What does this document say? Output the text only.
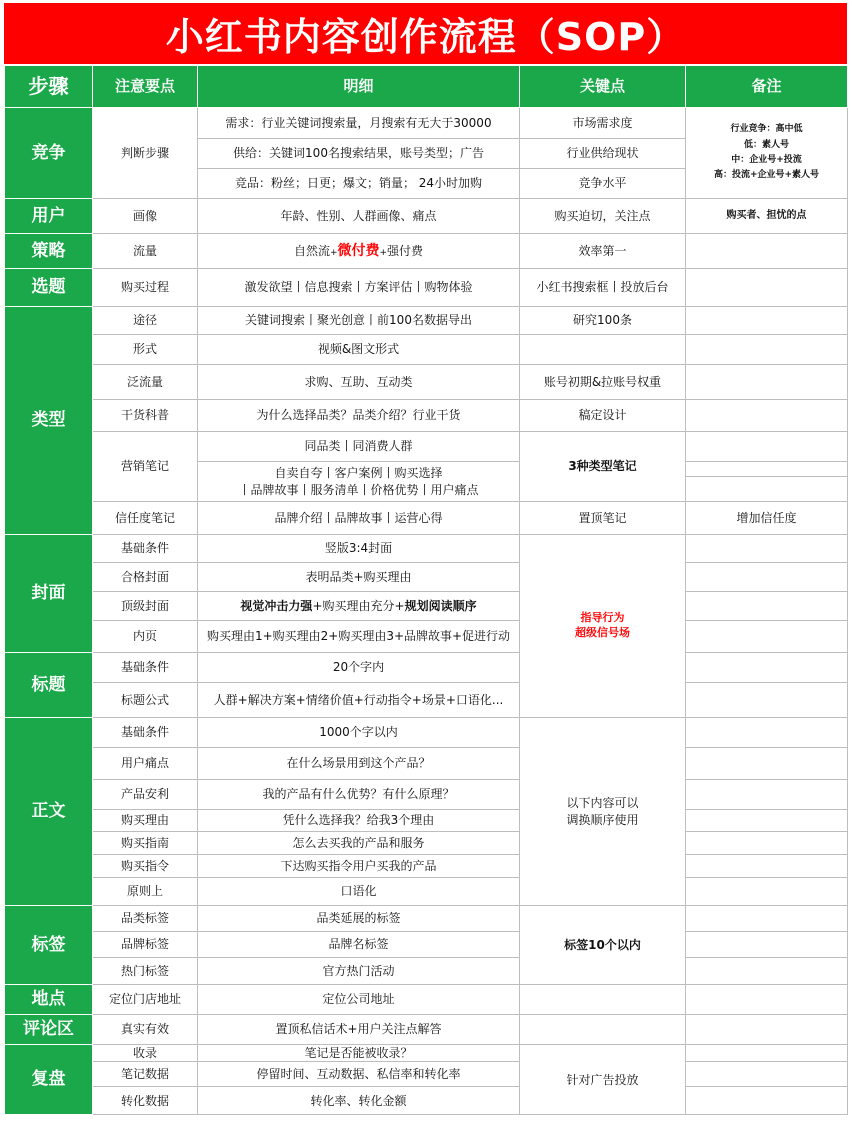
小红书内容创作流程（SOP）
步骤	注意要点	明细	关键点	备注
竞争	判断步骤	需求：行业关键词搜索量，月搜索有无大于30000	市场需求度	行业竞争：高中低
低：素人号
中：企业号+投流
高：投流+企业号+素人号

		供给：关键词100名搜索结果，账号类型；广告	行业供给现状	
		竞品：粉丝；日更；爆文；销量； 24小时加购	竞争水平	
用户	画像	年龄、性别、人群画像、痛点	购买迫切，关注点	购买者、担忧的点
策略	流量	自然流+微付费+强付费	效率第一	
选题	购买过程	激发欲望丨信息搜索丨方案评估丨购物体验	小红书搜索框丨投放后台	
类型	途径	关键词搜索丨聚光创意丨前100名数据导出	研究100条	
	形式	视频&图文形式		
	泛流量	求购、互助、互动类	账号初期&拉账号权重	
	干货科普	为什么选择品类？品类介绍？行业干货	稿定设计	
	营销笔记	同品类丨同消费人群	3种类型笔记	

		自卖自夸丨客户案例丨购买选择
丨品牌故事丨服务清单丨价格优势丨用户痛点		

	信任度笔记	品牌介绍丨品牌故事丨运营心得	置顶笔记	增加信任度
封面	基础条件	竖版3:4封面	指导行为
超级信号场	

	合格封面	表明品类+购买理由		
	顶级封面	视觉冲击力强+购买理由充分+规划阅读顺序		
	内页	购买理由1+购买理由2+购买理由3+品牌故事+促进行动		
标题	基础条件	20个字内		
	标题公式	人群+解决方案+情绪价值+行动指令+场景+口语化...		
正文	基础条件	1000个字以内	以下内容可以
调换顺序使用	

	用户痛点	在什么场景用到这个产品？		
	产品安利	我的产品有什么优势？有什么原理？		
	购买理由	凭什么选择我？给我3个理由		
	购买指南	怎么去买我的产品和服务		
	购买指令	下达购买指令用户买我的产品		
	原则上	口语化		
标签	品类标签	品类延展的标签	标签10个以内	
	品牌标签	品牌名标签		
	热门标签	官方热门活动		
地点	定位门店地址	定位公司地址		
评论区	真实有效	置顶私信话术+用户关注点解答		
复盘	收录	笔记是否能被收录？	针对广告投放	
	笔记数据	停留时间、互动数据、私信率和转化率		
	转化数据	转化率、转化金额		
